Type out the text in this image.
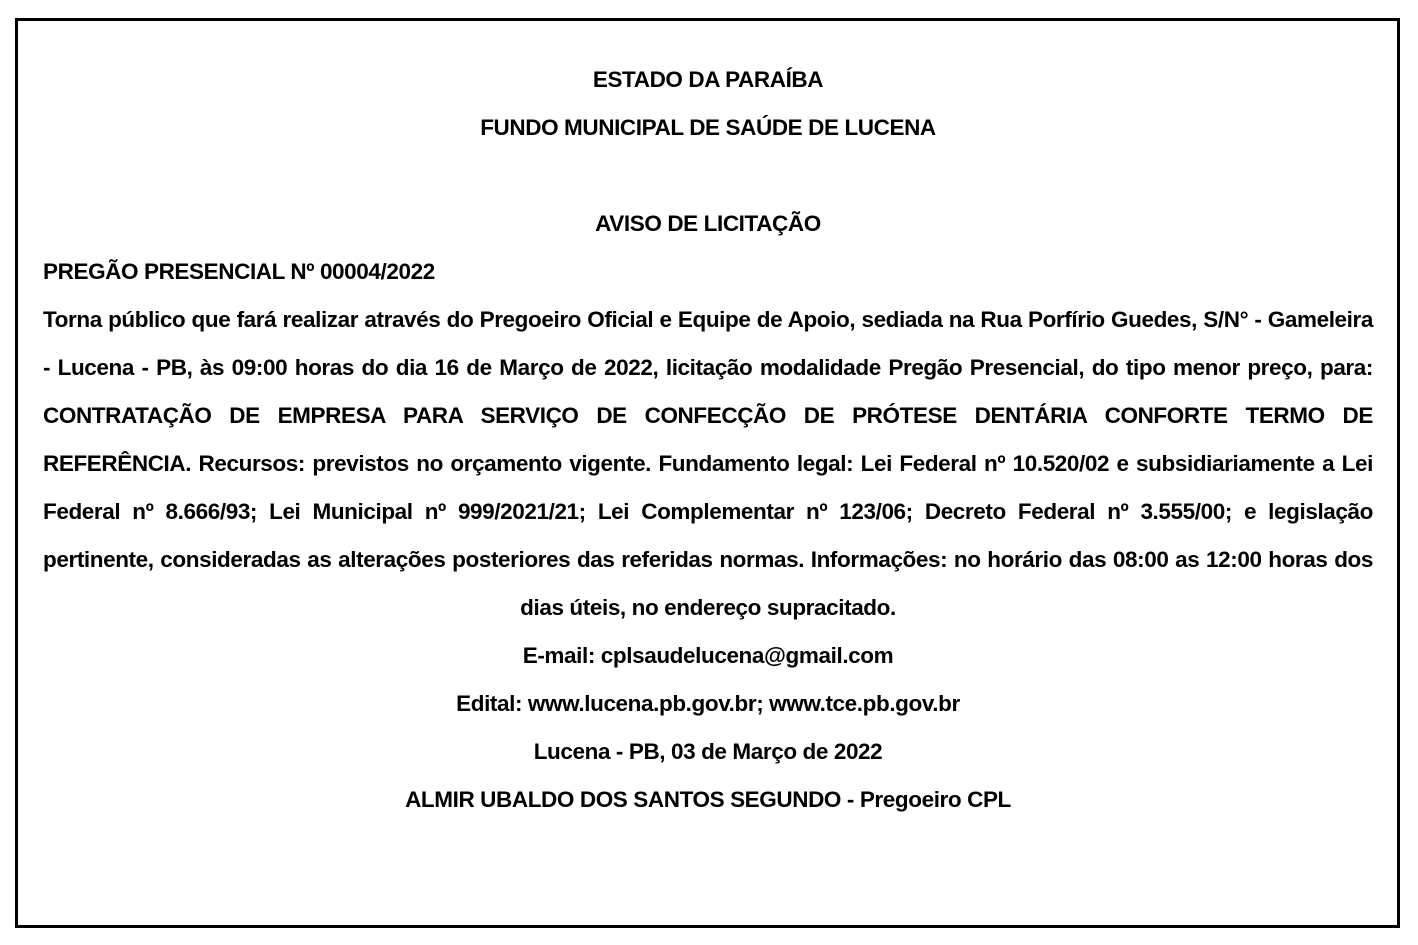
ESTADO DA PARAÍBA
FUNDO MUNICIPAL DE SAÚDE DE LUCENA
AVISO DE LICITAÇÃO
PREGÃO PRESENCIAL Nº 00004/2022
Torna público que fará realizar através do Pregoeiro Oficial e Equipe de Apoio, sediada na Rua Porfírio Guedes, S/N° - Gameleira - Lucena - PB, às 09:00 horas do dia 16 de Março de 2022, licitação modalidade Pregão Presencial, do tipo menor preço, para: CONTRATAÇÃO DE EMPRESA PARA SERVIÇO DE CONFECÇÃO DE PRÓTESE DENTÁRIA CONFORTE TERMO DE REFERÊNCIA. Recursos: previstos no orçamento vigente. Fundamento legal: Lei Federal nº 10.520/02 e subsidiariamente a Lei Federal nº 8.666/93; Lei Municipal nº 999/2021/21; Lei Complementar nº 123/06; Decreto Federal nº 3.555/00; e legislação pertinente, consideradas as alterações posteriores das referidas normas. Informações: no horário das 08:00 as 12:00 horas dos dias úteis, no endereço supracitado.
E-mail: cplsaudelucena@gmail.com
Edital: www.lucena.pb.gov.br; www.tce.pb.gov.br
Lucena - PB, 03 de Março de 2022
ALMIR UBALDO DOS SANTOS SEGUNDO - Pregoeiro CPL
